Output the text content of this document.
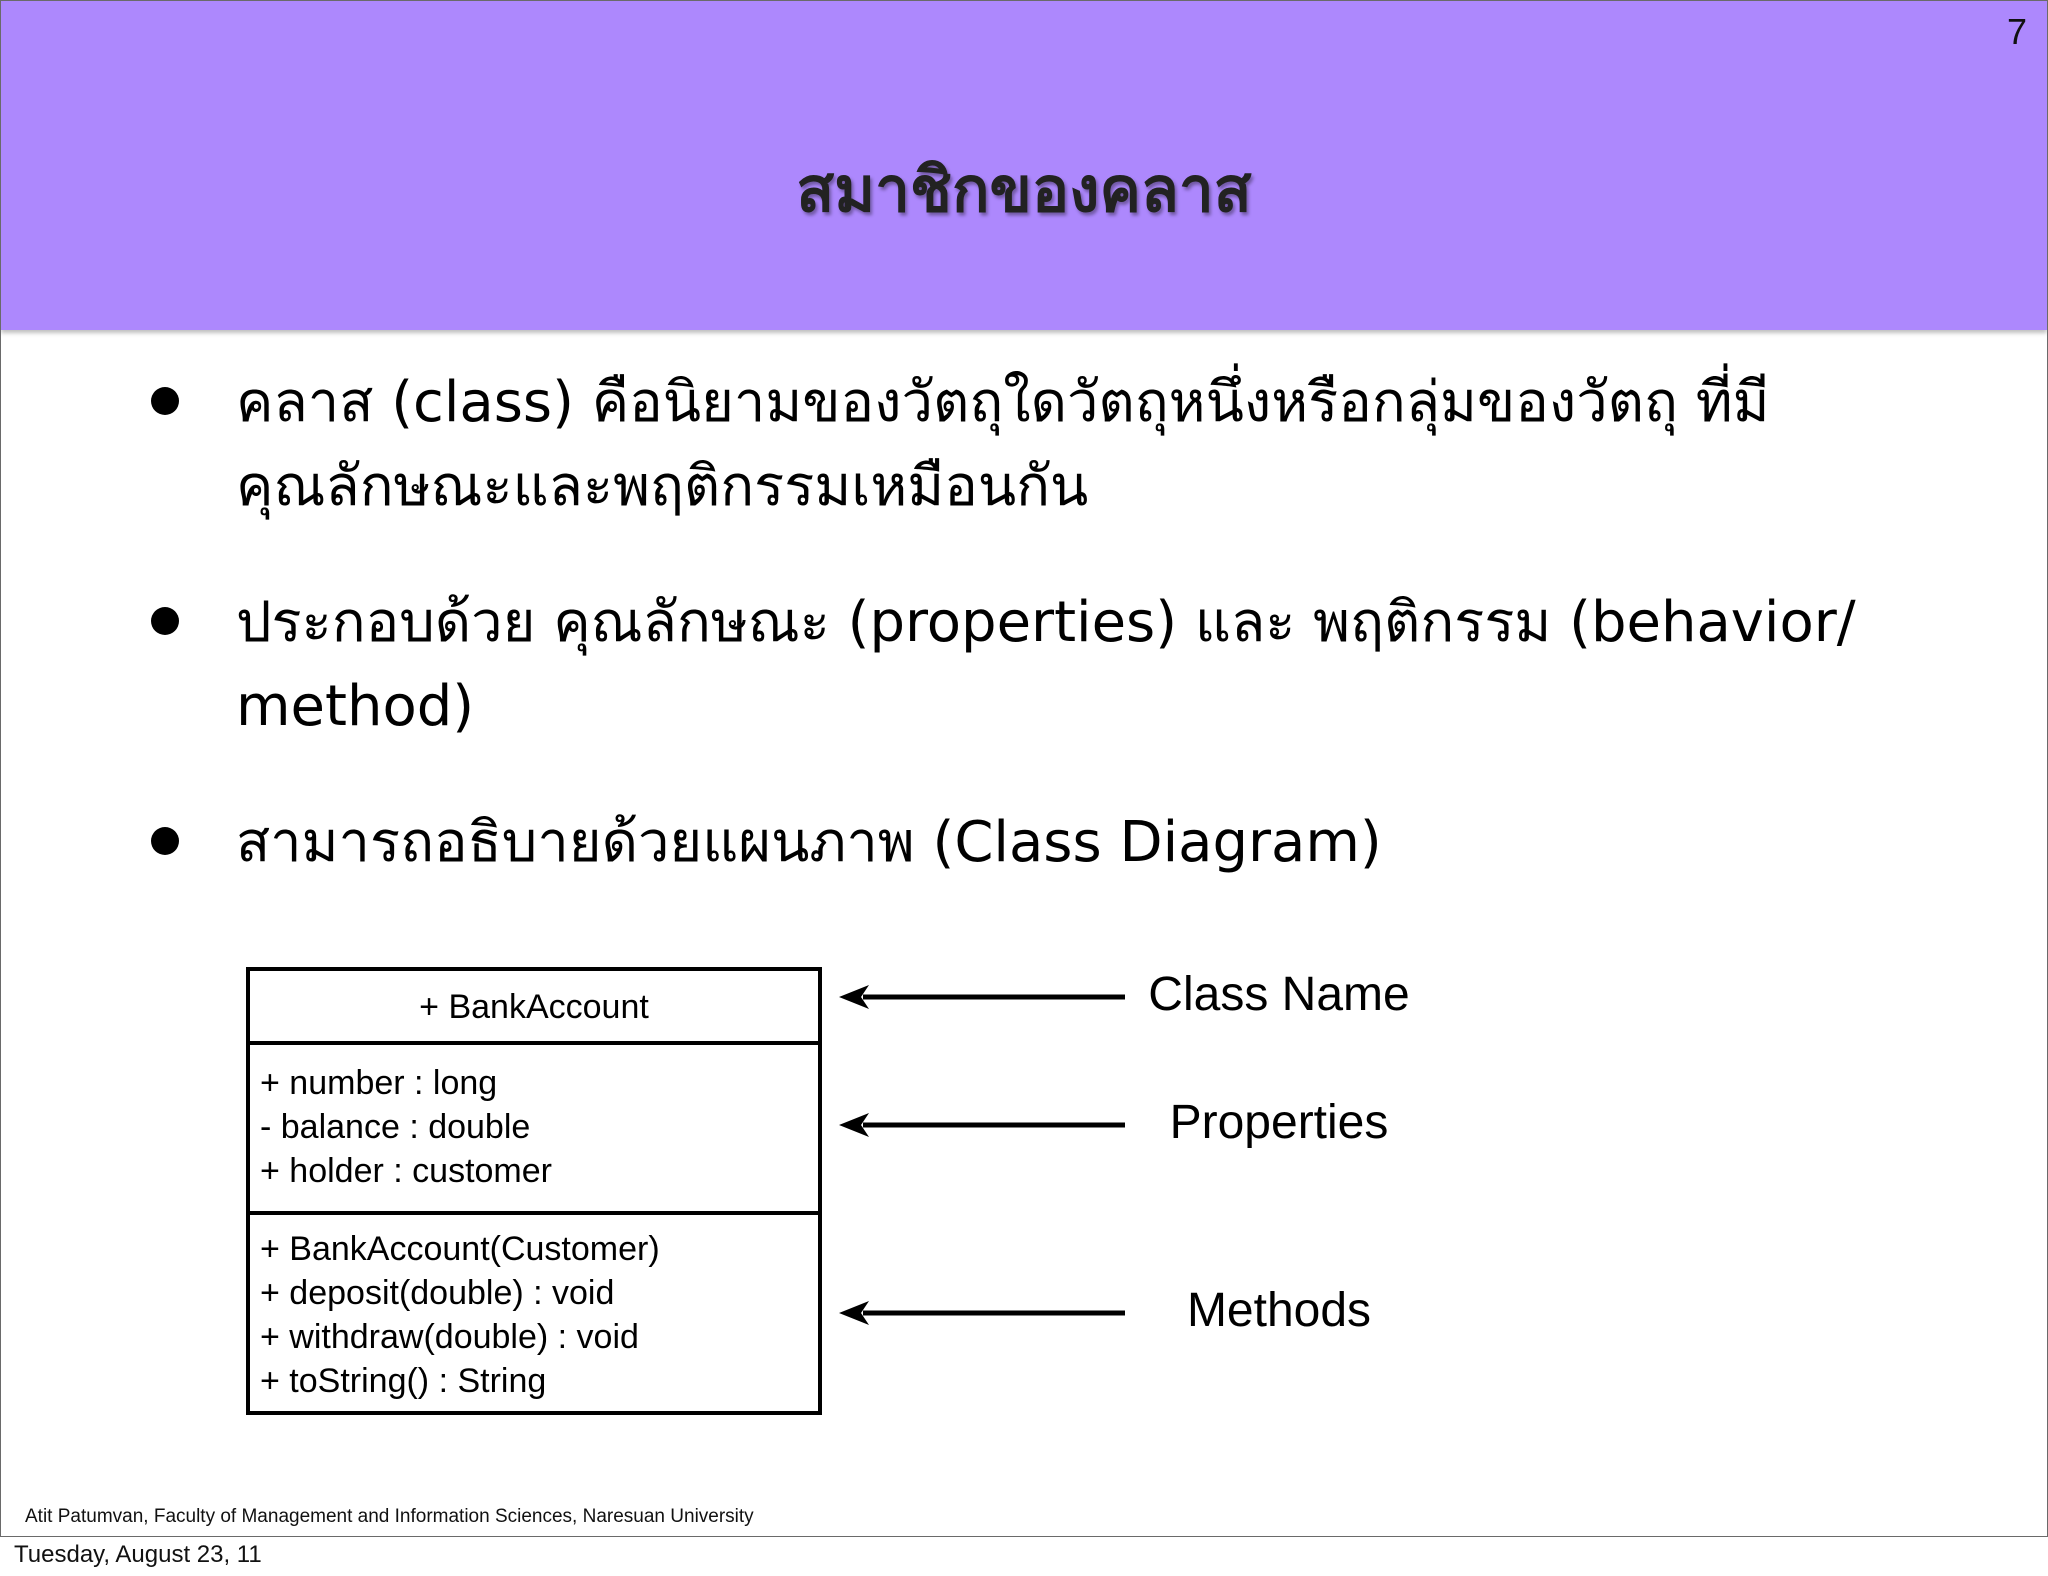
7
สมาชิกของคลาส
คลาส (class) คือนิยามของวัตถุใดวัตถุหนึ่งหรือกลุ่มของวัตถุ ที่มี
คุณลักษณะและพฤติกรรมเหมือนกัน
ประกอบด้วย คุณลักษณะ (properties) และ พฤติกรรม (behavior/
method)
สามารถอธิบายด้วยแผนภาพ (Class Diagram)
+ BankAccount
+ number : long
- balance : double
+ holder : customer
+ BankAccount(Customer)
+ deposit(double) : void
+ withdraw(double) : void
+ toString() : String
Class Name
Properties
Methods
Atit Patumvan, Faculty of Management and Information Sciences, Naresuan University
Tuesday, August 23, 11
